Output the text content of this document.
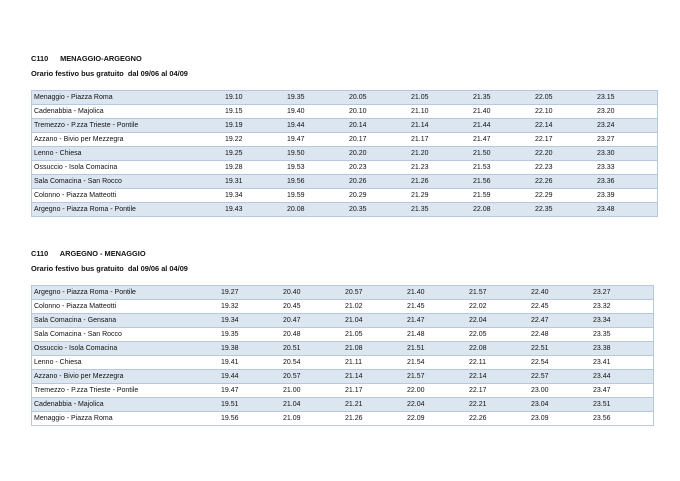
C110 MENAGGIO-ARGEGNO
Orario festivo bus gratuito dal 09/06 al 04/09
Menaggio - Piazza Roma	19.10	19.35	20.05	21.05	21.35	22.05	23.15
Cadenabbia - Majolica	19.15	19.40	20.10	21.10	21.40	22.10	23.20
Tremezzo - P.zza Trieste - Pontile	19.19	19.44	20.14	21.14	21.44	22.14	23.24
Azzano - Bivio per Mezzegra	19.22	19.47	20.17	21.17	21.47	22.17	23.27
Lenno - Chiesa	19.25	19.50	20.20	21.20	21.50	22.20	23.30
Ossuccio - Isola Comacina	19.28	19.53	20.23	21.23	21.53	22.23	23.33
Sala Comacina - San Rocco	19.31	19.56	20.26	21.26	21.56	22.26	23.36
Colonno - Piazza Matteotti	19.34	19.59	20.29	21.29	21.59	22.29	23.39
Argegno - Piazza Roma - Pontile	19.43	20.08	20.35	21.35	22.08	22.35	23.48
C110 ARGEGNO - MENAGGIO
Orario festivo bus gratuito dal 09/06 al 04/09
Argegno - Piazza Roma - Pontile	19.27	20.40	20.57	21.40	21.57	22.40	23.27
Colonno - Piazza Matteotti	19.32	20.45	21.02	21.45	22.02	22.45	23.32
Sala Comacina - Gensana	19.34	20.47	21.04	21.47	22.04	22.47	23.34
Sala Comacina - San Rocco	19.35	20.48	21.05	21.48	22.05	22.48	23.35
Ossuccio - Isola Comacina	19.38	20.51	21.08	21.51	22.08	22.51	23.38
Lenno - Chiesa	19.41	20.54	21.11	21.54	22.11	22.54	23.41
Azzano - Bivio per Mezzegra	19.44	20.57	21.14	21.57	22.14	22.57	23.44
Tremezzo - P.zza Trieste - Pontile	19.47	21.00	21.17	22.00	22.17	23.00	23.47
Cadenabbia - Majolica	19.51	21.04	21.21	22.04	22.21	23.04	23.51
Menaggio - Piazza Roma	19.56	21.09	21.26	22.09	22.26	23.09	23.56
